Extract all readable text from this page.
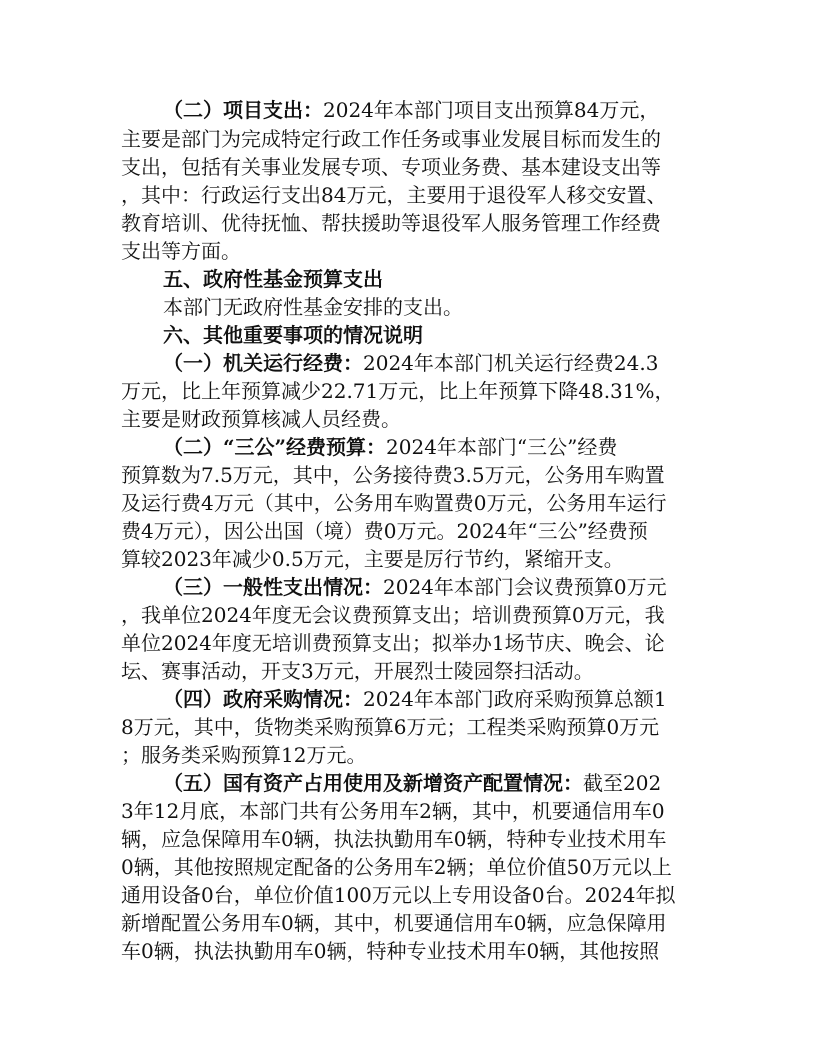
（二）项目支出：2024年本部门项目支出预算84万元，
主要是部门为完成特定行政工作任务或事业发展目标而发生的
支出，包括有关事业发展专项、专项业务费、基本建设支出等
，其中：行政运行支出84万元，主要用于退役军人移交安置、
教育培训、优待抚恤、帮扶援助等退役军人服务管理工作经费
支出等方面。
五、政府性基金预算支出
本部门无政府性基金安排的支出。
六、其他重要事项的情况说明
（一）机关运行经费：2024年本部门机关运行经费24.3
万元，比上年预算减少22.71万元，比上年预算下降48.31%，
主要是财政预算核减人员经费。
（二）“三公”经费预算：2024年本部门“三公”经费
预算数为7.5万元，其中，公务接待费3.5万元，公务用车购置
及运行费4万元（其中，公务用车购置费0万元，公务用车运行
费4万元），因公出国（境）费0万元。2024年“三公”经费预
算较2023年减少0.5万元，主要是厉行节约，紧缩开支。
（三）一般性支出情况：2024年本部门会议费预算0万元
，我单位2024年度无会议费预算支出；培训费预算0万元，我
单位2024年度无培训费预算支出；拟举办1场节庆、晚会、论
坛、赛事活动，开支3万元，开展烈士陵园祭扫活动。
（四）政府采购情况：2024年本部门政府采购预算总额1
8万元，其中，货物类采购预算6万元；工程类采购预算0万元
；服务类采购预算12万元。
（五）国有资产占用使用及新增资产配置情况：截至202
3年12月底，本部门共有公务用车2辆，其中，机要通信用车0
辆，应急保障用车0辆，执法执勤用车0辆，特种专业技术用车
0辆，其他按照规定配备的公务用车2辆；单位价值50万元以上
通用设备0台，单位价值100万元以上专用设备0台。2024年拟
新增配置公务用车0辆，其中，机要通信用车0辆，应急保障用
车0辆，执法执勤用车0辆，特种专业技术用车0辆，其他按照
